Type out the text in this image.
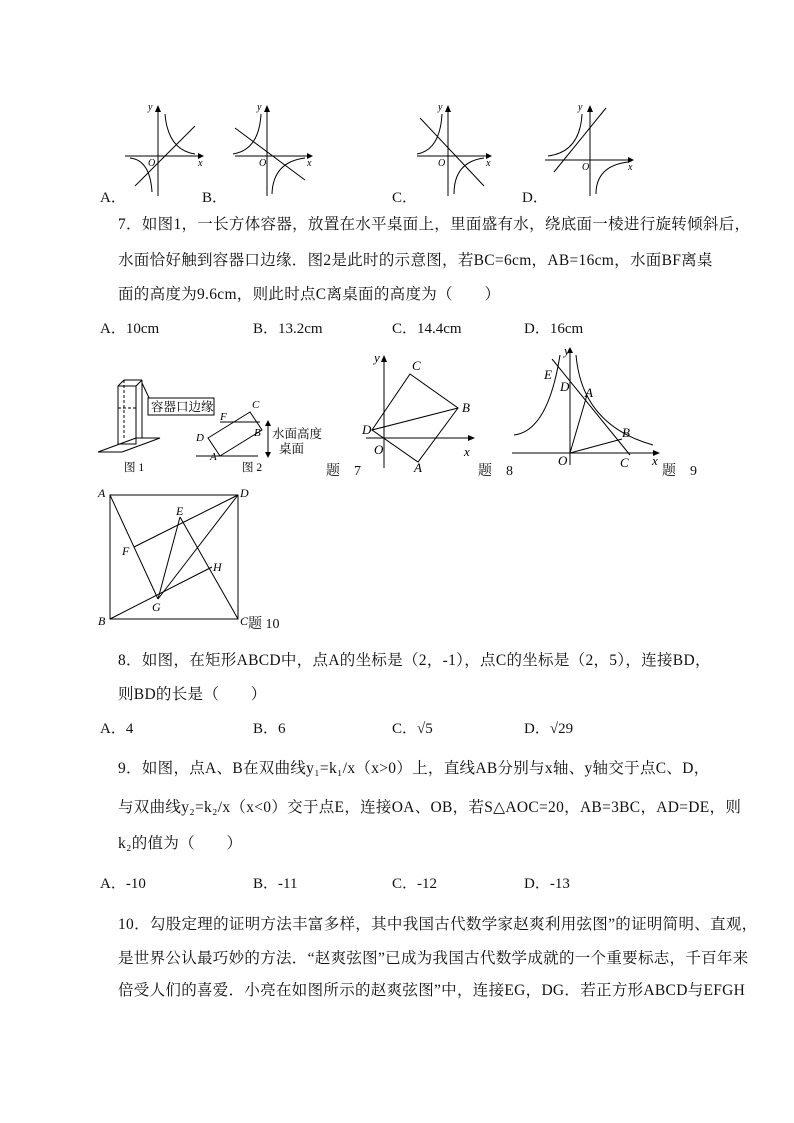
y
O	x
A．
y
O	x
B．
y
O	x
C．
y
O	x
D．
7．如图1，一长方体容器，放置在水平桌面上，里面盛有水，绕底面一棱进行旋转倾斜后，
水面恰好触到容器口边缘．图2是此时的示意图，若BC=6cm，AB=16cm，水面BF离桌
面的高度为9.6cm，则此时点C离桌面的高度为（　　）
A．10cm	B．13.2cm	C．14.4cm	D．16cm
容器口边缘	C
F
B
D
A
水面高度
桌面
图 1	图 2	题　7
y
x
O
C
B
D
A	题　8
y
x
O
E
D A
B
C
题　9
A	D
B	C
E
F
G
H
题 10
8．如图，在矩形ABCD中，点A的坐标是（2，-1），点C的坐标是（2，5），连接BD，
则BD的长是（　　）
A．4	B．6	C．√5	D．√29
9．如图，点A、B在双曲线y₁=k₁/x（x>0）上，直线AB分别与x轴、y轴交于点C、D，
与双曲线y₂=k₂/x（x<0）交于点E，连接OA、OB，若S△AOC=20，AB=3BC，AD=DE，则
k₂的值为（　　）
A．-10	B．-11	C．-12	D．-13
10．勾股定理的证明方法丰富多样，其中我国古代数学家赵爽利用弦图”的证明简明、直观，
是世界公认最巧妙的方法．“赵爽弦图”已成为我国古代数学成就的一个重要标志，千百年来
倍受人们的喜爱．小亮在如图所示的赵爽弦图”中，连接EG，DG．若正方形ABCD与EFGH
